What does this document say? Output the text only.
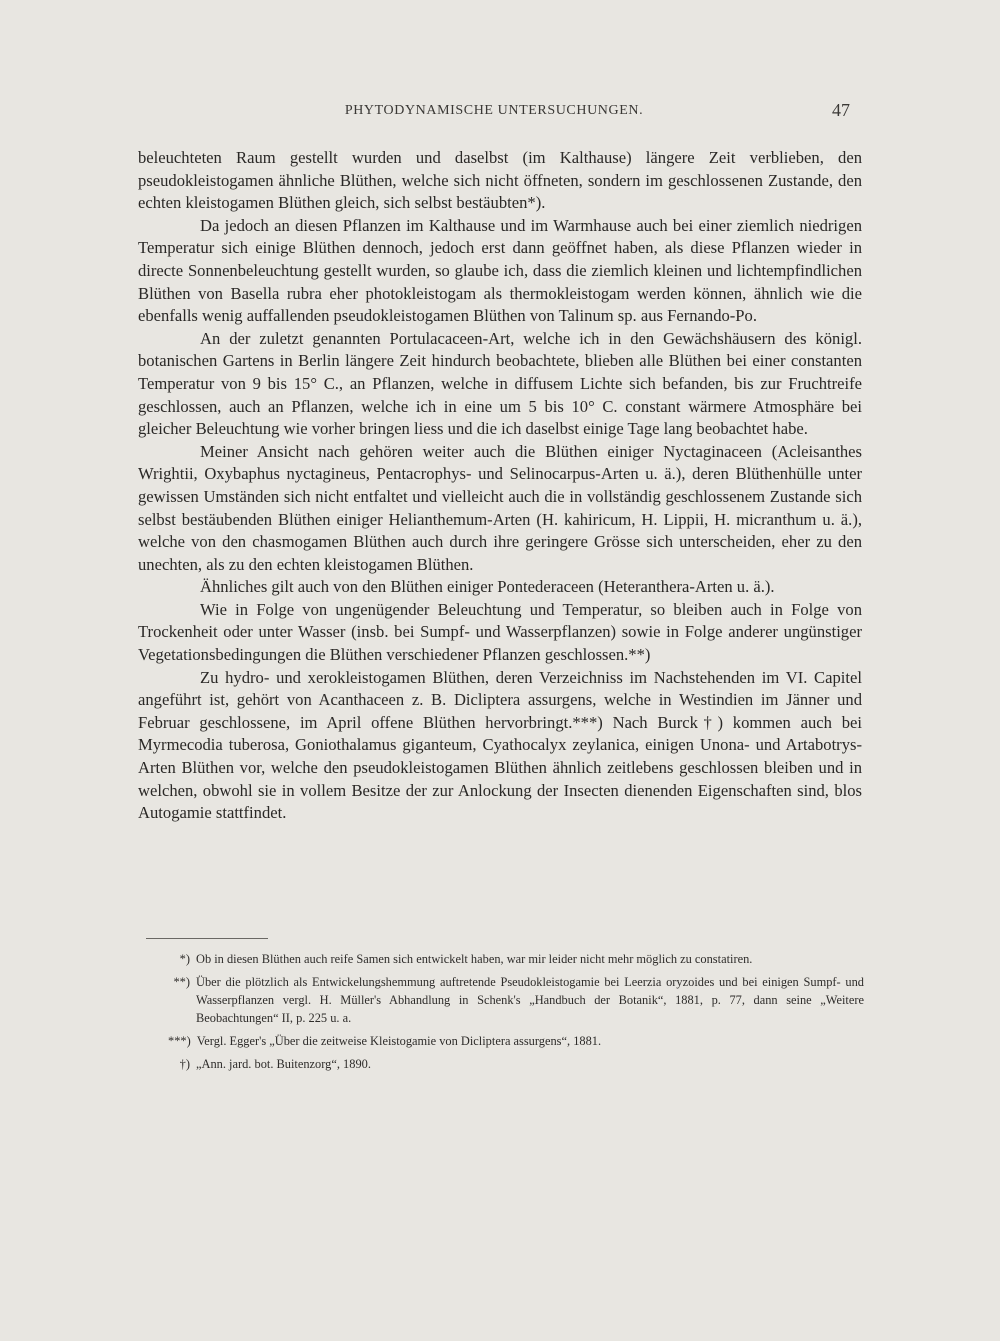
PHYTODYNAMISCHE UNTERSUCHUNGEN.	47

beleuchteten Raum gestellt wurden und daselbst (im Kalthause) längere Zeit verblieben, den pseudokleistogamen ähnliche Blüthen, welche sich nicht öffneten, sondern im geschlossenen Zustande, den echten kleistogamen Blüthen gleich, sich selbst bestäubten*).

Da jedoch an diesen Pflanzen im Kalthause und im Warmhause auch bei einer ziemlich niedrigen Temperatur sich einige Blüthen dennoch, jedoch erst dann geöffnet haben, als diese Pflanzen wieder in directe Sonnenbeleuchtung gestellt wurden, so glaube ich, dass die ziemlich kleinen und lichtempfindlichen Blüthen von Basella rubra eher photokleistogam als thermokleistogam werden können, ähnlich wie die ebenfalls wenig auffallenden pseudokleistogamen Blüthen von Talinum sp. aus Fernando-Po.

An der zuletzt genannten Portulacaceen-Art, welche ich in den Gewächshäusern des königl. botanischen Gartens in Berlin längere Zeit hindurch beobachtete, blieben alle Blüthen bei einer constanten Temperatur von 9 bis 15° C., an Pflanzen, welche in diffusem Lichte sich befanden, bis zur Fruchtreife geschlossen, auch an Pflanzen, welche ich in eine um 5 bis 10° C. constant wärmere Atmosphäre bei gleicher Beleuchtung wie vorher bringen liess und die ich daselbst einige Tage lang beobachtet habe.

Meiner Ansicht nach gehören weiter auch die Blüthen einiger Nyctaginaceen (Acleisanthes Wrightii, Oxybaphus nyctagineus, Pentacrophys- und Selinocarpus-Arten u. ä.), deren Blüthenhülle unter gewissen Umständen sich nicht entfaltet und vielleicht auch die in vollständig geschlossenem Zustande sich selbst bestäubenden Blüthen einiger Helianthemum-Arten (H. kahiricum, H. Lippii, H. micranthum u. ä.), welche von den chasmogamen Blüthen auch durch ihre geringere Grösse sich unterscheiden, eher zu den unechten, als zu den echten kleistogamen Blüthen.

Ähnliches gilt auch von den Blüthen einiger Pontederaceen (Heteranthera-Arten u. ä.).

Wie in Folge von ungenügender Beleuchtung und Temperatur, so bleiben auch in Folge von Trockenheit oder unter Wasser (insb. bei Sumpf- und Wasserpflanzen) sowie in Folge anderer ungünstiger Vegetationsbedingungen die Blüthen verschiedener Pflanzen geschlossen.**)

Zu hydro- und xerokleistogamen Blüthen, deren Verzeichniss im Nachstehenden im VI. Capitel angeführt ist, gehört von Acanthaceen z. B. Dicliptera assurgens, welche in Westindien im Jänner und Februar geschlossene, im April offene Blüthen hervorbringt.***) Nach Burck†) kommen auch bei Myrmecodia tuberosa, Goniothalamus giganteum, Cyathocalyx zeylanica, einigen Unona- und Artabotrys-Arten Blüthen vor, welche den pseudokleistogamen Blüthen ähnlich zeitlebens geschlossen bleiben und in welchen, obwohl sie in vollem Besitze der zur Anlockung der Insecten dienenden Eigenschaften sind, blos Autogamie stattfindet.

*) Ob in diesen Blüthen auch reife Samen sich entwickelt haben, war mir leider nicht mehr möglich zu constatiren.
**) Über die plötzlich als Entwickelungshemmung auftretende Pseudokleistogamie bei Leerzia oryzoides und bei einigen Sumpf- und Wasserpflanzen vergl. H. Müller's Abhandlung in Schenk's „Handbuch der Botanik“, 1881, p. 77, dann seine „Weitere Beobachtungen“ II, p. 225 u. a.
***) Vergl. Egger's „Über die zeitweise Kleistogamie von Dicliptera assurgens“, 1881.
†) „Ann. jard. bot. Buitenzorg“, 1890.
